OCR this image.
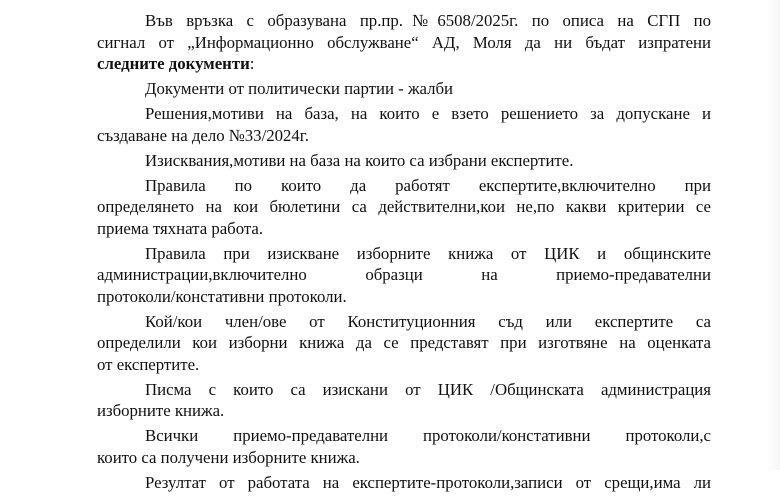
Във връзка с образувана пр.пр.№6508/2025г. по описа на СГП по
сигнал от „Информационно обслужване“ АД, Моля да ни бъдат изпратени
следните документи:

Документи от политически партии - жалби

Решения,мотиви на база, на които е взето решението за допускане и
създаване на дело №33/2024г.

Изисквания,мотиви на база на които са избрани експертите.

Правила по които да работят експертите,включително при
определянето на кои бюлетини са действителни,кои не,по какви критерии се
приема тяхната работа.

Правила при изискване изборните книжа от ЦИК и общинските
администрации,включително образци на приемо-предавателни
протоколи/констативни протоколи.

Кой/кои член/ове от Конституционния съд или експертите са
определили кои изборни книжа да се представят при изготвяне на оценката
от експертите.

Писма с които са изискани от ЦИК /Общинската администрация
изборните книжа.

Всички приемо-предавателни протоколи/констативни протоколи,с
които са получени изборните книжа.

Резултат от работата на експертите-протоколи,записи от срещи,има ли
